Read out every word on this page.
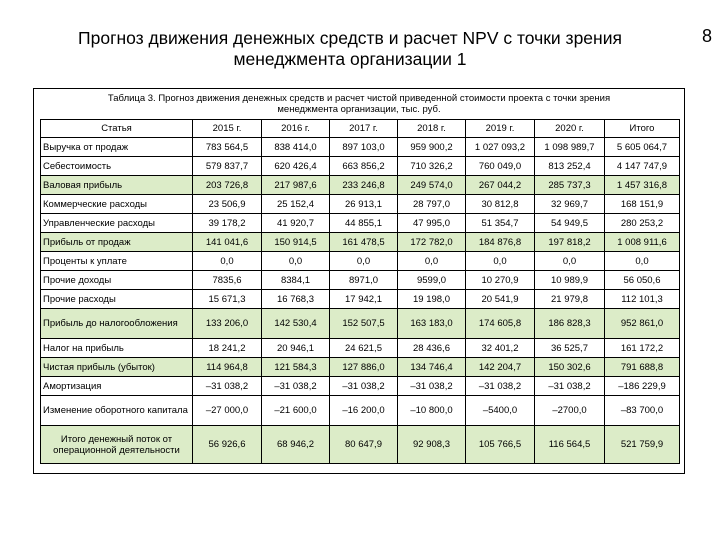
Прогноз движения денежных средств и расчет NPV с точки зрения
менеджмента организации 1
8
Таблица 3. Прогноз движения денежных средств и расчет чистой приведенной стоимости проекта с точки зрения
менеджмента организации, тыс. руб.
Статья	2015 г.	2016 г.	2017 г.	2018 г.	2019 г.	2020 г.	Итого
Выручка от продаж	783 564,5	838 414,0	897 103,0	959 900,2	1 027 093,2	1 098 989,7	5 605 064,7
Себестоимость	579 837,7	620 426,4	663 856,2	710 326,2	760 049,0	813 252,4	4 147 747,9
Валовая прибыль	203 726,8	217 987,6	233 246,8	249 574,0	267 044,2	285 737,3	1 457 316,8
Коммерческие расходы	23 506,9	25 152,4	26 913,1	28 797,0	30 812,8	32 969,7	168 151,9
Управленческие расходы	39 178,2	41 920,7	44 855,1	47 995,0	51 354,7	54 949,5	280 253,2
Прибыль от продаж	141 041,6	150 914,5	161 478,5	172 782,0	184 876,8	197 818,2	1 008 911,6
Проценты к уплате	0,0	0,0	0,0	0,0	0,0	0,0	0,0
Прочие доходы	7835,6	8384,1	8971,0	9599,0	10 270,9	10 989,9	56 050,6
Прочие расходы	15 671,3	16 768,3	17 942,1	19 198,0	20 541,9	21 979,8	112 101,3
Прибыль до налогообложения	133 206,0	142 530,4	152 507,5	163 183,0	174 605,8	186 828,3	952 861,0
Налог на прибыль	18 241,2	20 946,1	24 621,5	28 436,6	32 401,2	36 525,7	161 172,2
Чистая прибыль (убыток)	114 964,8	121 584,3	127 886,0	134 746,4	142 204,7	150 302,6	791 688,8
Амортизация	–31 038,2	–31 038,2	–31 038,2	–31 038,2	–31 038,2	–31 038,2	–186 229,9
Изменение оборотного капитала	–27 000,0	–21 600,0	–16 200,0	–10 800,0	–5400,0	–2700,0	–83 700,0
Итого денежный поток от операционной деятельности	56 926,6	68 946,2	80 647,9	92 908,3	105 766,5	116 564,5	521 759,9
